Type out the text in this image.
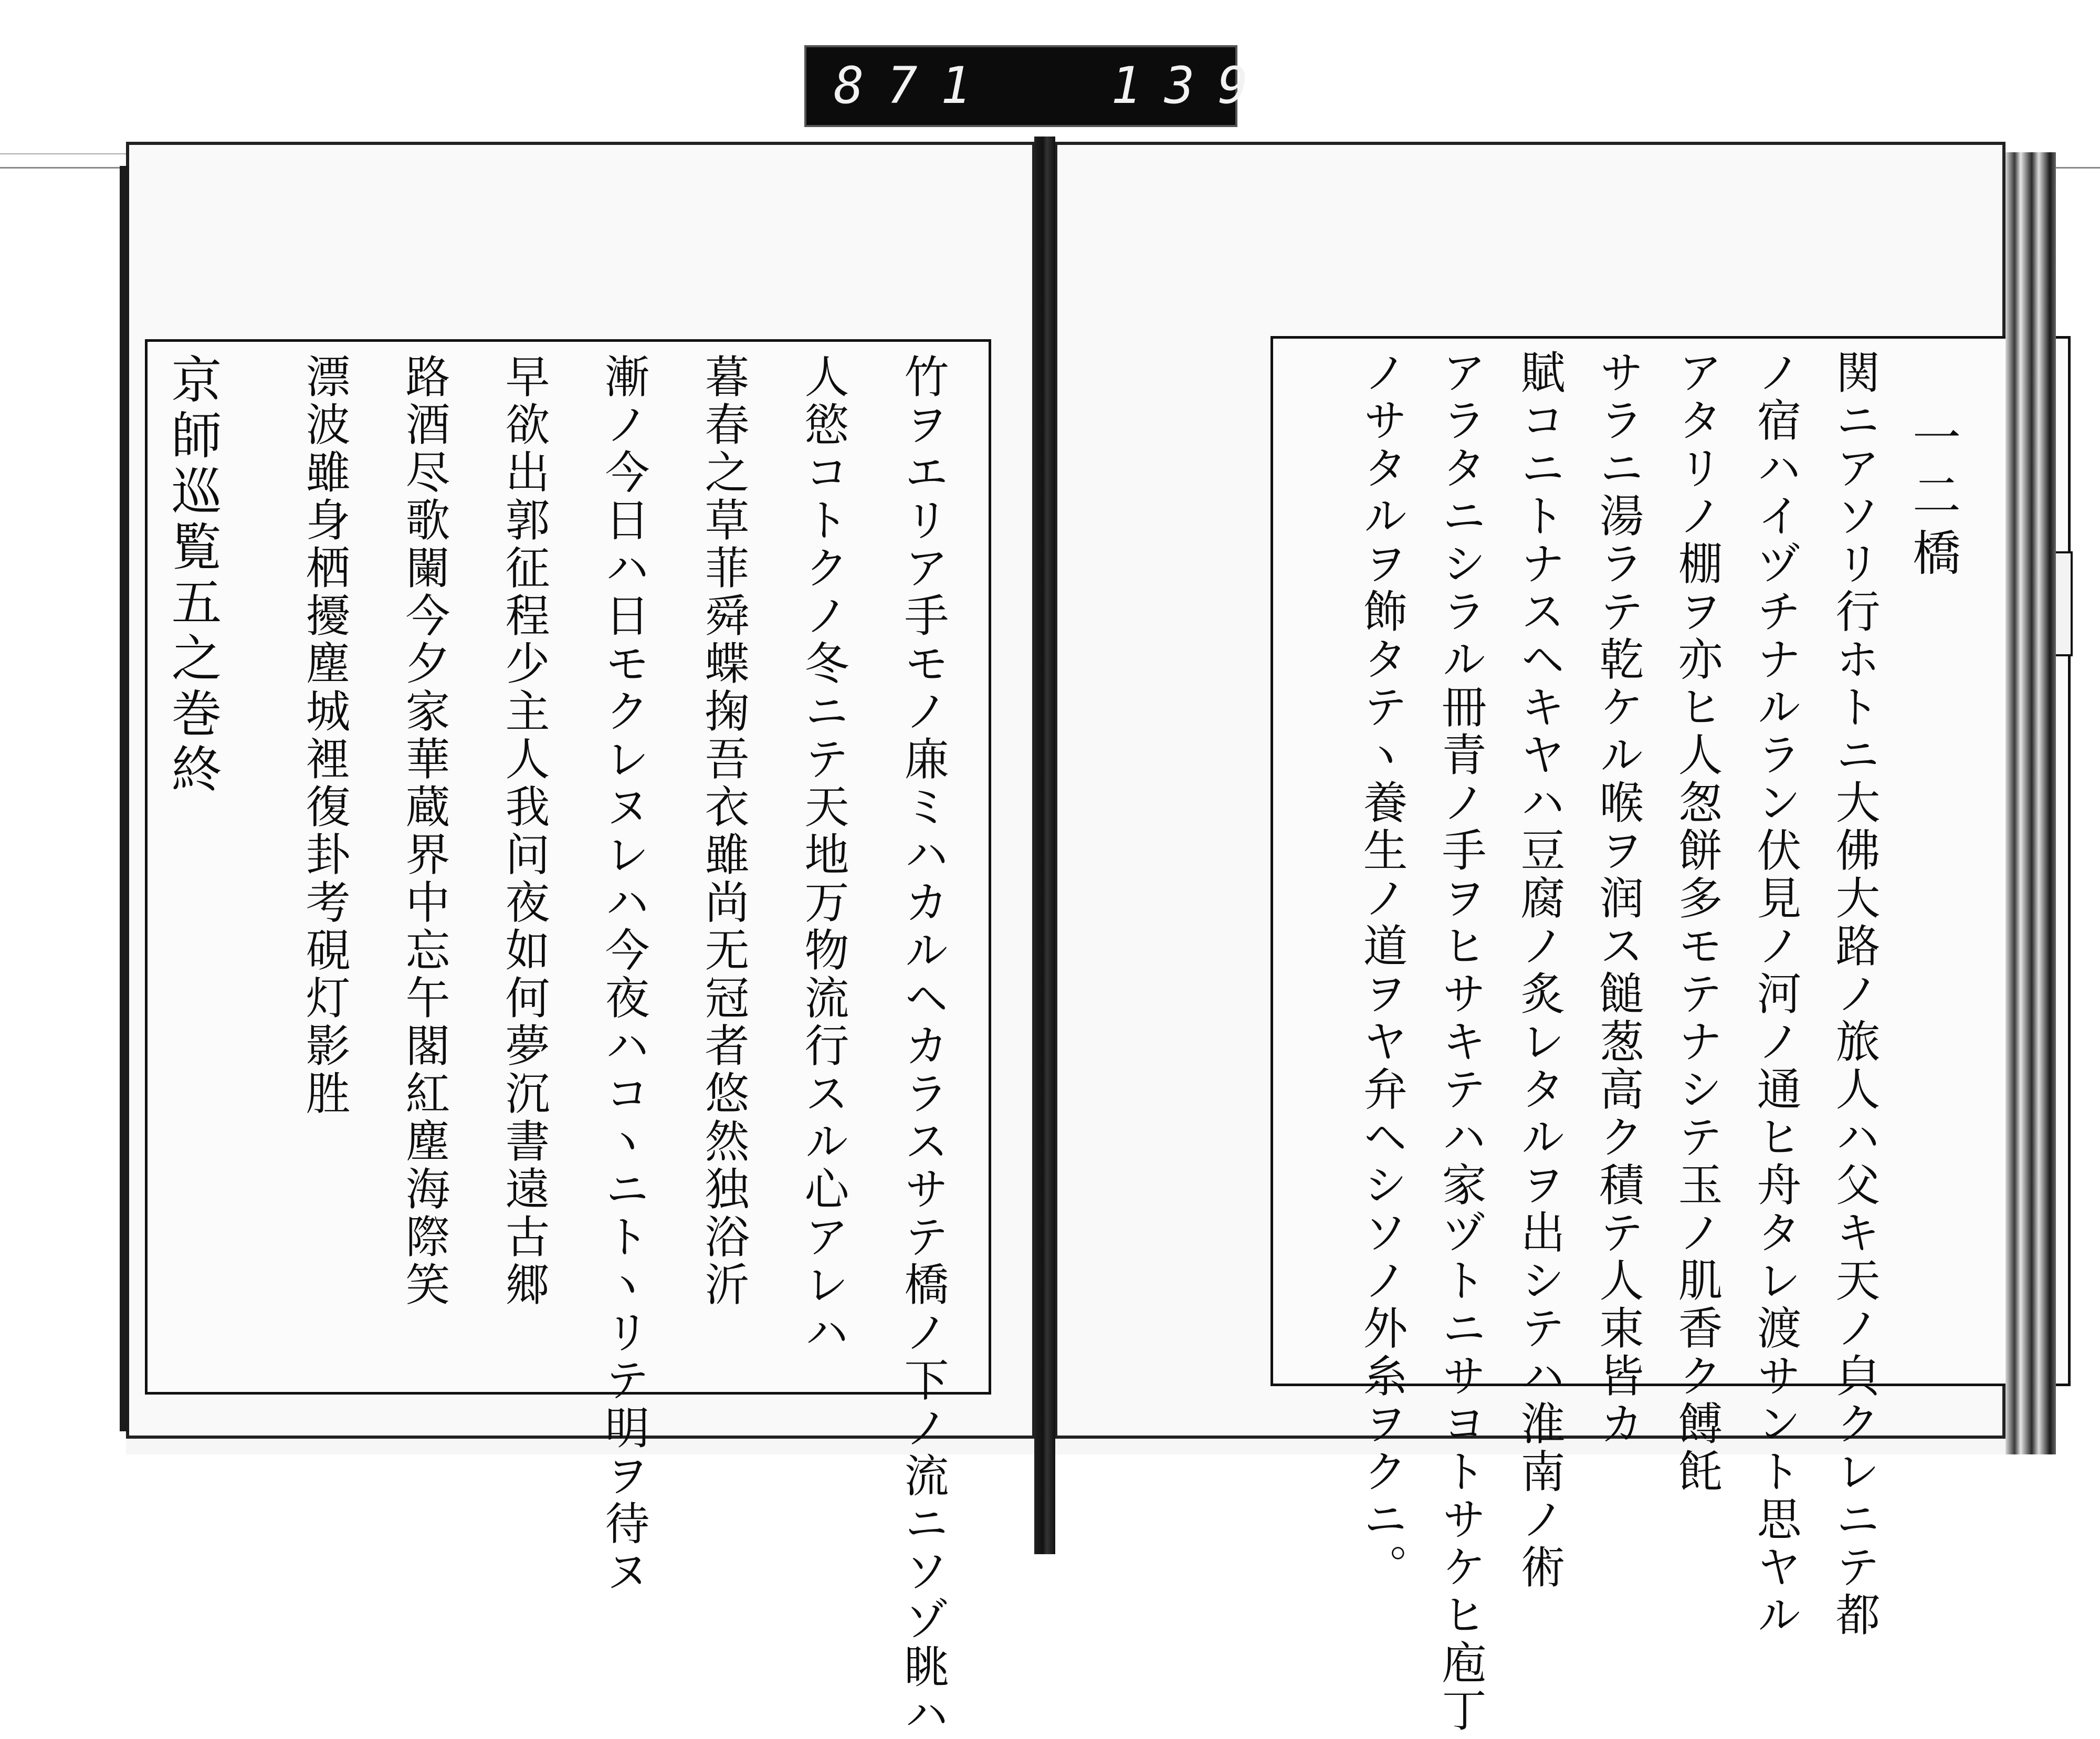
871 139
竹ヲエリア手モノ𢈘ミハカルヘカラスサテ橋ノ下ノ流ニソゾ眺ハ
人慾コトクノ冬ニテ天地万物流行スル心アレハ
暮春之草菲舜蝶掬吾衣雖尚无冠者悠然独浴沂
漸ノ今日ハ日モクレヌレハ今夜ハコヽニトヽリテ明ヲ待ヌ
早欲出郭征程少主人我问夜如何夢沉書遠古郷
路酒尽歌闌今夕家華蔵界中忘午閣紅塵海際笑
漂波雖身栖擾塵城裡復卦考硯灯影胜
京師巡覧五之巻終	一二橋
関ニアソリ行ホトニ大佛大路ノ旅人ハ父キ天ノ㒵クレニテ都
ノ宿ハイヅチナルラン伏見ノ河ノ通ヒ舟タレ渡サント思ヤル
アタリノ棚ヲ亦ヒ人怱餅多モテナシテ玉ノ肌香ク餺飥
サラニ湯ラテ乾ケル喉ヲ润ス䭔葱高ク積テ人束皆カ
賦コニトナスヘキヤハ豆腐ノ炙レタルヲ出シテハ淮南ノ術
アラタニシラル冊青ノ手ヲヒサキテハ家ヅトニサヨトサケヒ庖丁
ノサタルヲ飾タテヽ養生ノ道ヲヤ弁ヘシソノ外糸ヲクニ。
